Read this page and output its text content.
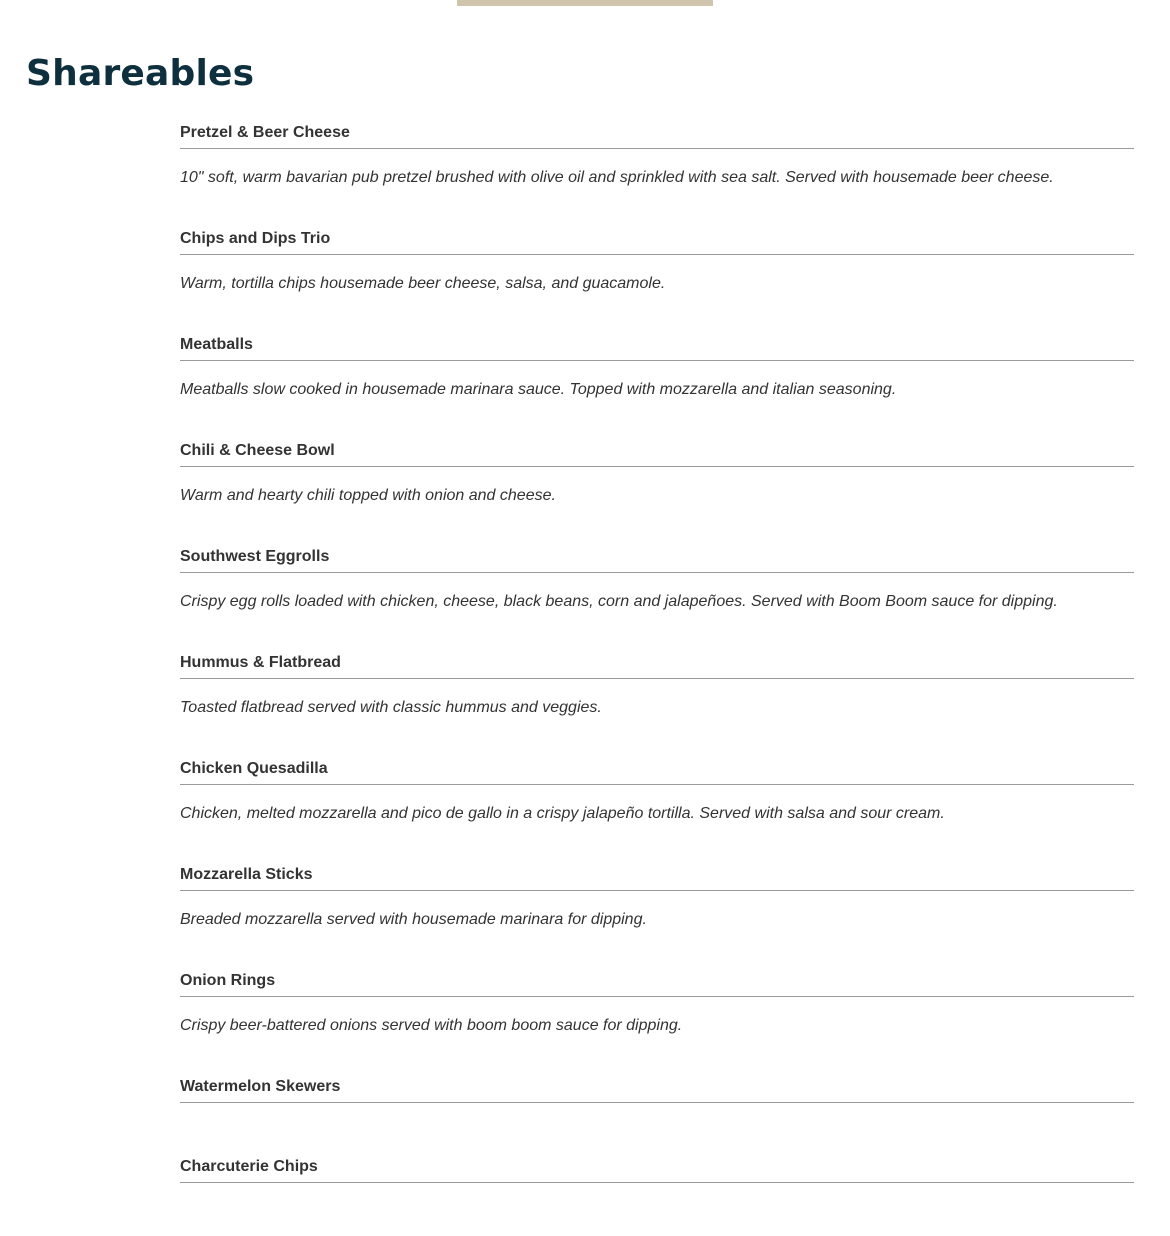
Shareables
Pretzel & Beer Cheese
10" soft, warm bavarian pub pretzel brushed with olive oil and sprinkled with sea salt. Served with housemade beer cheese.
Chips and Dips Trio
Warm, tortilla chips housemade beer cheese, salsa, and guacamole.
Meatballs
Meatballs slow cooked in housemade marinara sauce. Topped with mozzarella and italian seasoning.
Chili & Cheese Bowl
Warm and hearty chili topped with onion and cheese.
Southwest Eggrolls
Crispy egg rolls loaded with chicken, cheese, black beans, corn and jalapeñoes. Served with Boom Boom sauce for dipping.
Hummus & Flatbread
Toasted flatbread served with classic hummus and veggies.
Chicken Quesadilla
Chicken, melted mozzarella and pico de gallo in a crispy jalapeño tortilla. Served with salsa and sour cream.
Mozzarella Sticks
Breaded mozzarella served with housemade marinara for dipping.
Onion Rings
Crispy beer-battered onions served with boom boom sauce for dipping.
Watermelon Skewers
Charcuterie Chips
